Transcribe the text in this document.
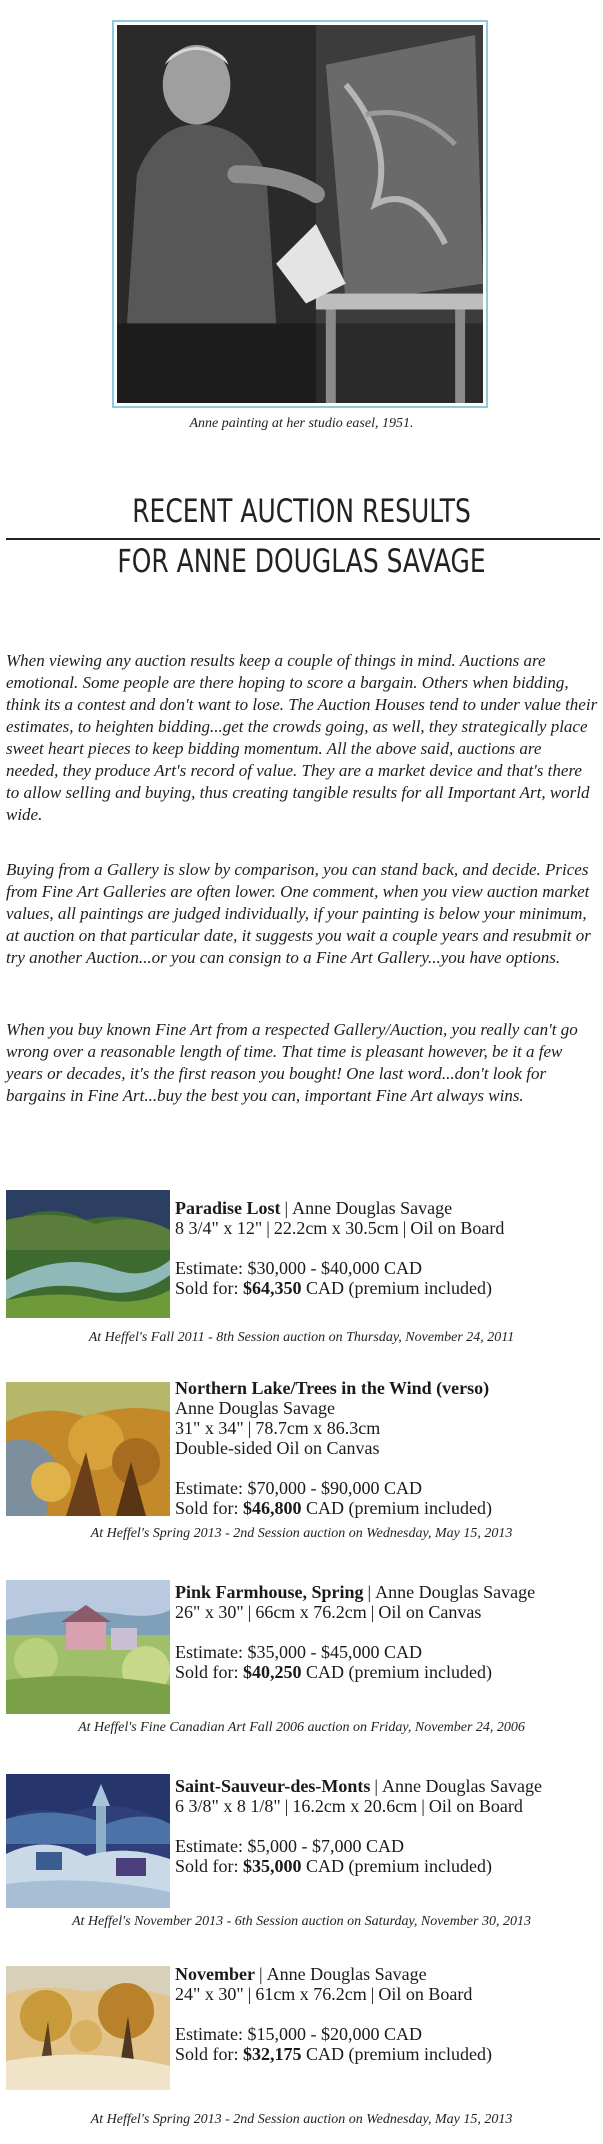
Anne painting at her studio easel, 1951.
RECENT AUCTION RESULTS
FOR ANNE DOUGLAS SAVAGE

When viewing any auction results keep a couple of things in mind. Auctions are emotional. Some people are there hoping to score a bargain. Others when bidding, think its a contest and don't want to lose. The Auction Houses tend to under value their estimates, to heighten bidding...get the crowds going, as well, they strategically place sweet heart pieces to keep bidding momentum. All the above said, auctions are needed, they produce Art's record of value. They are a market device and that's there to allow selling and buying, thus creating tangible results for all Important Art, world wide.

Buying from a Gallery is slow by comparison, you can stand back, and decide. Prices from Fine Art Galleries are often lower. One comment, when you view auction market values, all paintings are judged individually, if your painting is below your minimum, at auction on that particular date, it suggests you wait a couple years and resubmit or try another Auction...or you can consign to a Fine Art Gallery...you have options.

When you buy known Fine Art from a respected Gallery/Auction, you really can't go wrong over a reasonable length of time. That time is pleasant however, be it a few years or decades, it's the first reason you bought! One last word...don't look for bargains in Fine Art...buy the best you can, important Fine Art always wins.

Paradise Lost | Anne Douglas Savage
8 3/4" x 12" | 22.2cm x 30.5cm | Oil on Board
Estimate: $30,000 - $40,000 CAD
Sold for: $64,350 CAD (premium included)
At Heffel's Fall 2011 - 8th Session auction on Thursday, November 24, 2011
Northern Lake/Trees in the Wind (verso)
Anne Douglas Savage
31" x 34" | 78.7cm x 86.3cm
Double-sided Oil on Canvas
Estimate: $70,000 - $90,000 CAD
Sold for: $46,800 CAD (premium included)
At Heffel's Spring 2013 - 2nd Session auction on Wednesday, May 15, 2013
Pink Farmhouse, Spring | Anne Douglas Savage
26" x 30" | 66cm x 76.2cm | Oil on Canvas
Estimate: $35,000 - $45,000 CAD
Sold for: $40,250 CAD (premium included)
At Heffel's Fine Canadian Art Fall 2006 auction on Friday, November 24, 2006
Saint-Sauveur-des-Monts | Anne Douglas Savage
6 3/8" x 8 1/8" | 16.2cm x 20.6cm | Oil on Board
Estimate: $5,000 - $7,000 CAD
Sold for: $35,000 CAD (premium included)
At Heffel's November 2013 - 6th Session auction on Saturday, November 30, 2013
November | Anne Douglas Savage
24" x 30" | 61cm x 76.2cm | Oil on Board
Estimate: $15,000 - $20,000 CAD
Sold for: $32,175 CAD (premium included)
At Heffel's Spring 2013 - 2nd Session auction on Wednesday, May 15, 2013
